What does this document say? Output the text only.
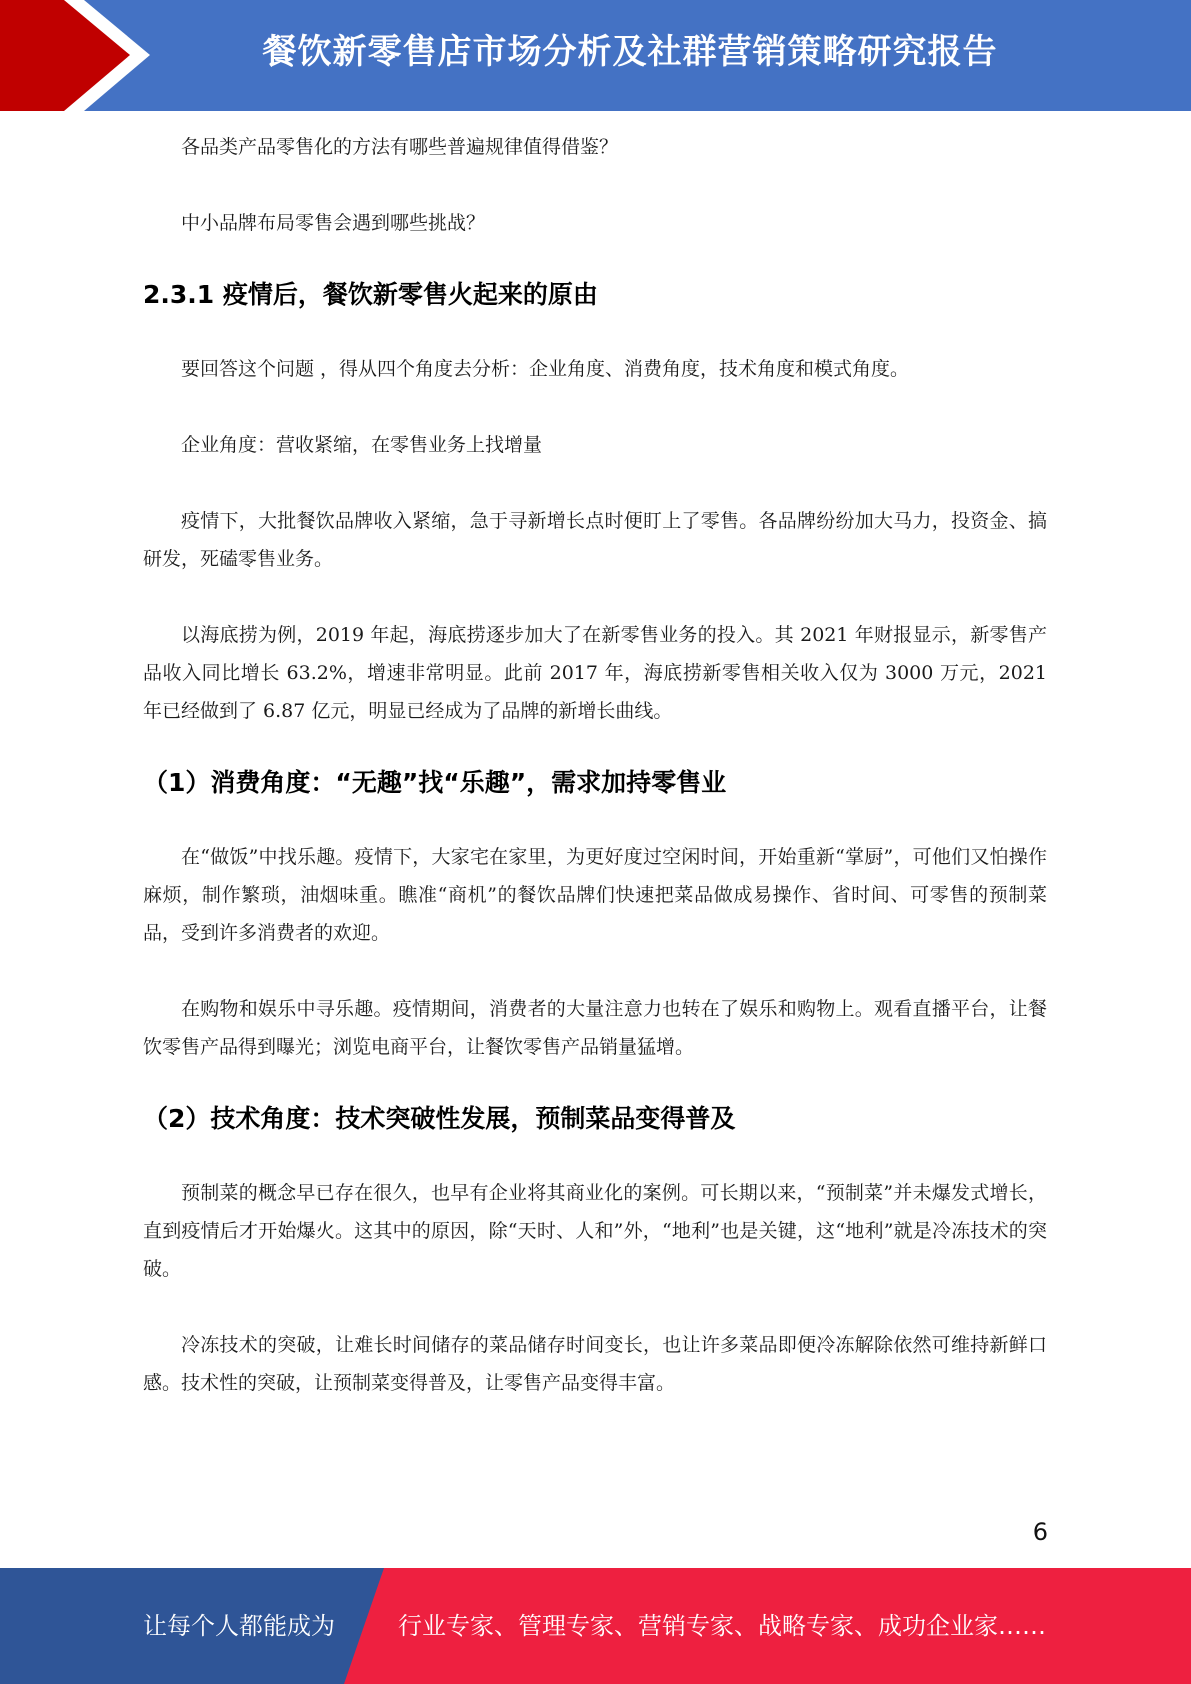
餐饮新零售店市场分析及社群营销策略研究报告

各品类产品零售化的方法有哪些普遍规律值得借鉴？

中小品牌布局零售会遇到哪些挑战？

2.3.1 疫情后，餐饮新零售火起来的原由

要回答这个问题 ，得从四个角度去分析：企业角度、消费角度，技术角度和模式角度。

企业角度：营收紧缩，在零售业务上找增量

疫情下，大批餐饮品牌收入紧缩，急于寻新增长点时便盯上了零售。各品牌纷纷加大马力，投资金、搞研发，死磕零售业务。

以海底捞为例，2019 年起，海底捞逐步加大了在新零售业务的投入。其 2021 年财报显示，新零售产品收入同比增长 63.2%，增速非常明显。此前 2017 年，海底捞新零售相关收入仅为 3000 万元，2021 年已经做到了 6.87 亿元，明显已经成为了品牌的新增长曲线。

（1）消费角度：“无趣”找“乐趣”，需求加持零售业

在“做饭”中找乐趣。疫情下，大家宅在家里，为更好度过空闲时间，开始重新“掌厨”，可他们又怕操作麻烦，制作繁琐，油烟味重。瞧准“商机”的餐饮品牌们快速把菜品做成易操作、省时间、可零售的预制菜品，受到许多消费者的欢迎。

在购物和娱乐中寻乐趣。疫情期间，消费者的大量注意力也转在了娱乐和购物上。观看直播平台，让餐饮零售产品得到曝光；浏览电商平台，让餐饮零售产品销量猛增。

（2）技术角度：技术突破性发展，预制菜品变得普及

预制菜的概念早已存在很久，也早有企业将其商业化的案例。可长期以来，“预制菜”并未爆发式增长，直到疫情后才开始爆火。这其中的原因，除“天时、人和”外，“地利”也是关键，这“地利”就是冷冻技术的突破。

冷冻技术的突破，让难长时间储存的菜品储存时间变长，也让许多菜品即便冷冻解除依然可维持新鲜口感。技术性的突破，让预制菜变得普及，让零售产品变得丰富。

6
让每个人都能成为	行业专家、管理专家、营销专家、战略专家、成功企业家……
